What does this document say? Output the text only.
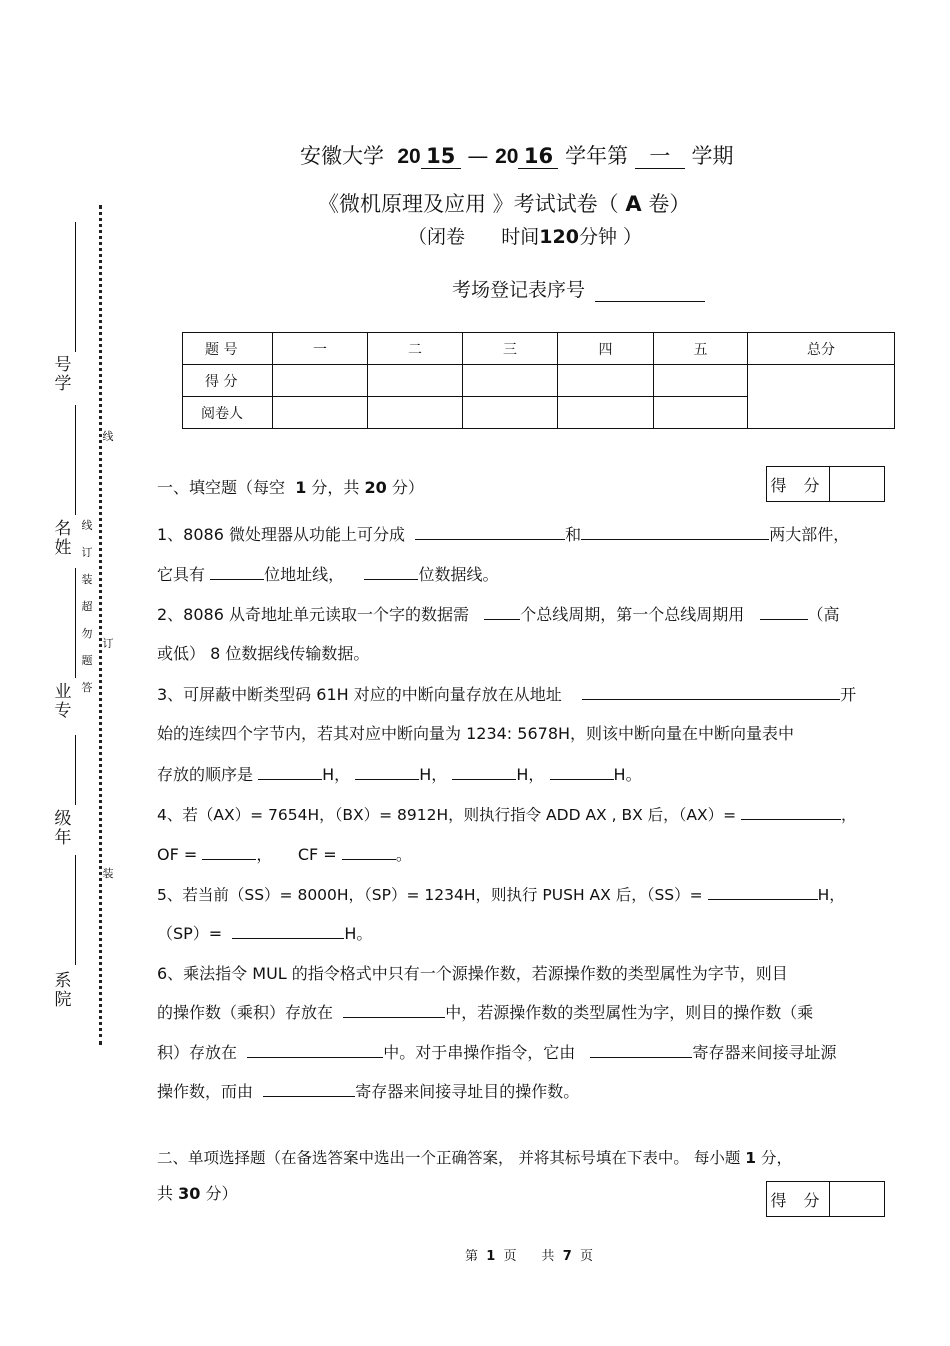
安徽大学 20 15 — 20 16 学年第 一 学期
《微机原理及应用 》考试试卷（ A 卷）
（闭卷 时间120分钟 ）
考场登记表序号
题 号	一	二	三	四	五	总分
得 分						
阅卷人						
一、填空题（每空 1 分，共 20 分）	得 分
1、8086 微处理器从功能上可分成	和	两大部件，
它具有	位地址线，	位数据线。
2、8086 从奇地址单元读取一个字的数据需	个总线周期，第一个总线周期用	（高
或低） 8 位数据线传输数据。
3、可屏蔽中断类型码 61H 对应的中断向量存放在从地址	开
始的连续四个字节内，若其对应中断向量为 1234: 5678H，则该中断向量在中断向量表中
存放的顺序是	H，	H，	H，	H。
4、若（AX）= 7654H，（BX）= 8912H，则执行指令 ADD AX , BX 后，（AX）=	，
OF =	， CF =	。
5、若当前（SS）= 8000H，（SP）= 1234H，则执行 PUSH AX 后，（SS）=	H，
（SP）=	H。
6、乘法指令 MUL 的指令格式中只有一个源操作数，若源操作数的类型属性为字节，则目
的操作数（乘积）存放在	中，若源操作数的类型属性为字，则目的操作数（乘
积）存放在	中。对于串操作指令，它由	寄存器来间接寻址源
操作数，而由	寄存器来间接寻址目的操作数。
二、单项选择题（在备选答案中选出一个正确答案， 并将其标号填在下表中。 每小题 1 分，
共 30 分）	得 分
第 1 页 共 7 页
号学
名姓
业专
级年
系院
线
订
装
线订装超勿题答
